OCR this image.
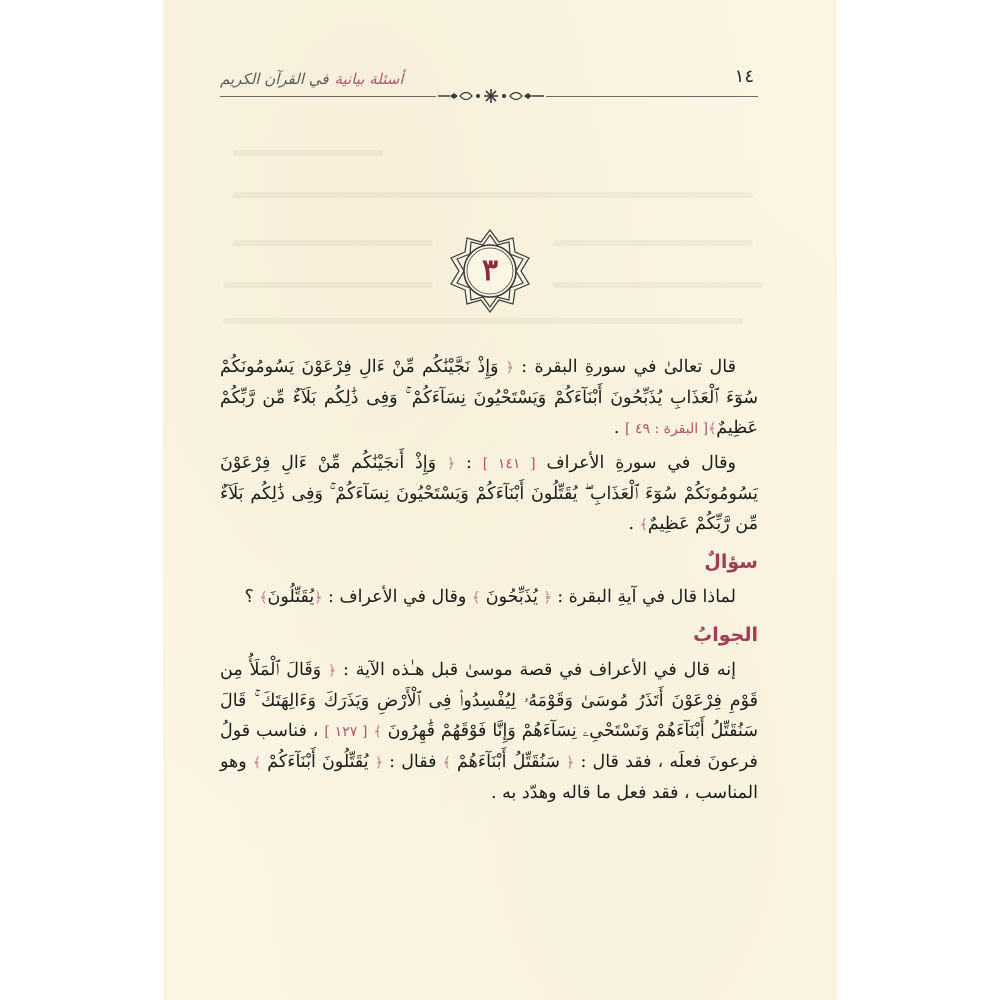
أسئلة بيانيةفي القرآن الكريم	١٤
٣

قال تعالىٰ في سورةِ البقرة : ﴿ وَإِذْ نَجَّيْنَٰكُم مِّنْ ءَالِ فِرْعَوْنَ يَسُومُونَكُمْ سُوٓءَ ٱلْعَذَابِ يُذَبِّحُونَ أَبْنَآءَكُمْ وَيَسْتَحْيُونَ نِسَآءَكُمْ ۚ وَفِى ذَٰلِكُم بَلَآءٌ مِّن رَّبِّكُمْ عَظِيمٌ﴾[ البقرة : ٤٩ ] .

وقال في سورةِ الأعراف [ ١٤١ ] : ﴿ وَإِذْ أَنجَيْنَٰكُم مِّنْ ءَالِ فِرْعَوْنَ يَسُومُونَكُمْ سُوٓءَ ٱلْعَذَابِ ۖ يُقَتِّلُونَ أَبْنَآءَكُمْ وَيَسْتَحْيُونَ نِسَآءَكُمْ ۚ وَفِى ذَٰلِكُم بَلَآءٌ مِّن رَّبِّكُمْ عَظِيمٌ﴾ .

سؤالٌ

لماذا قال في آيةِ البقرة : ﴿ يُذَبِّحُونَ ﴾ وقال في الأعراف : ﴿يُقَتِّلُونَ﴾ ؟

الجوابُ

إنه قال في الأعراف في قصة موسىٰ قبل هـٰذه الآية : ﴿ وَقَالَ ٱلْمَلَأُ مِن قَوْمِ فِرْعَوْنَ أَتَذَرُ مُوسَىٰ وَقَوْمَهُۥ لِيُفْسِدُوا۟ فِى ٱلْأَرْضِ وَيَذَرَكَ وَءَالِهَتَكَ ۚ قَالَ سَنُقَتِّلُ أَبْنَآءَهُمْ وَنَسْتَحْىِۦ نِسَآءَهُمْ وَإِنَّا فَوْقَهُمْ قَٰهِرُونَ ﴾ [ ١٢٧ ] ، فناسب قولُ فرعونَ فعلَه ، فقد قال : ﴿ سَنُقَتِّلُ أَبْنَآءَهُمْ ﴾ فقال : ﴿ يُقَتِّلُونَ أَبْنَآءَكُمْ ﴾ وهو المناسب ، فقد فعل ما قاله وهدّد به .
